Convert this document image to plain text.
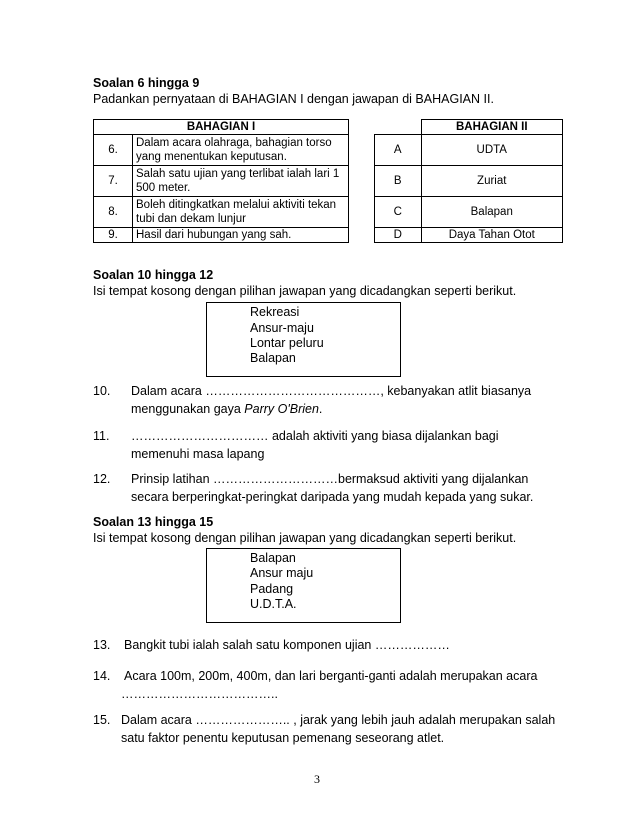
Soalan 6 hingga 9
Padankan pernyataan di BAHAGIAN I dengan jawapan di BAHAGIAN II.
BAHAGIAN I	
6.	Dalam acara olahraga, bahagian torso yang menentukan keputusan.
7.	Salah satu ujian yang terlibat ialah lari 1 500 meter.
8.	Boleh ditingkatkan melalui aktiviti tekan tubi dan dekam lunjur
9.	Hasil dari hubungan yang sah.
	BAHAGIAN II
A	UDTA
B	Zuriat
C	Balapan
D	Daya Tahan Otot
Soalan 10 hingga 12
Isi tempat kosong dengan pilihan jawapan yang dicadangkan seperti berikut.
Rekreasi
Ansur-maju
Lontar peluru
Balapan
10. Dalam acara ……………………………………, kebanyakan atlit biasanya
menggunakan gaya Parry O'Brien.
11. …………………………… adalah aktiviti yang biasa dijalankan bagi
memenuhi masa lapang
12. Prinsip latihan …………………………bermaksud aktiviti yang dijalankan
secara berperingkat-peringkat daripada yang mudah kepada yang sukar.
Soalan 13 hingga 15
Isi tempat kosong dengan pilihan jawapan yang dicadangkan seperti berikut.
Balapan
Ansur maju
Padang
U.D.T.A.
13. Bangkit tubi ialah salah satu komponen ujian ………………
14. Acara 100m, 200m, 400m, dan lari berganti-ganti adalah merupakan acara
………………………………..
15. Dalam acara ………………….. , jarak yang lebih jauh adalah merupakan salah
satu faktor penentu keputusan pemenang seseorang atlet.
3
